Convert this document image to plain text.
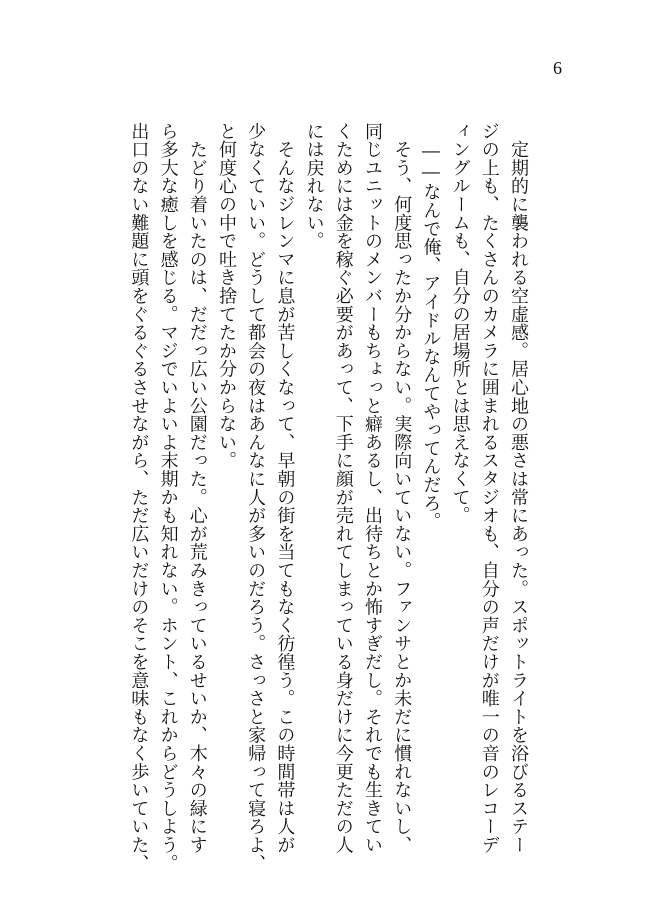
6
　定期的に襲われる空虚感。居心地の悪さは常にあった。スポットライトを浴びるステー
ジの上も、たくさんのカメラに囲まれるスタジオも、自分の声だけが唯一の音のレコーデ
ィングルームも、自分の居場所とは思えなくて。
　――なんで俺、アイドルなんてやってんだろ。
　そう、何度思ったか分からない。実際向いていない。ファンサとか未だに慣れないし、
同じユニットのメンバーもちょっと癖あるし、出待ちとか怖すぎだし。それでも生きてい
くためには金を稼ぐ必要があって、下手に顔が売れてしまっている身だけに今更ただの人
には戻れない。
　そんなジレンマに息が苦しくなって、早朝の街を当てもなく彷徨う。この時間帯は人が
少なくていい。どうして都会の夜はあんなに人が多いのだろう。さっさと家帰って寝ろよ、
と何度心の中で吐き捨てたか分からない。
　たどり着いたのは、だだっ広い公園だった。心が荒みきっているせいか、木々の緑にす
ら多大な癒しを感じる。マジでいよいよ末期かも知れない。ホント、これからどうしよう。
出口のない難題に頭をぐるぐるさせながら、ただ広いだけのそこを意味もなく歩いていた、
